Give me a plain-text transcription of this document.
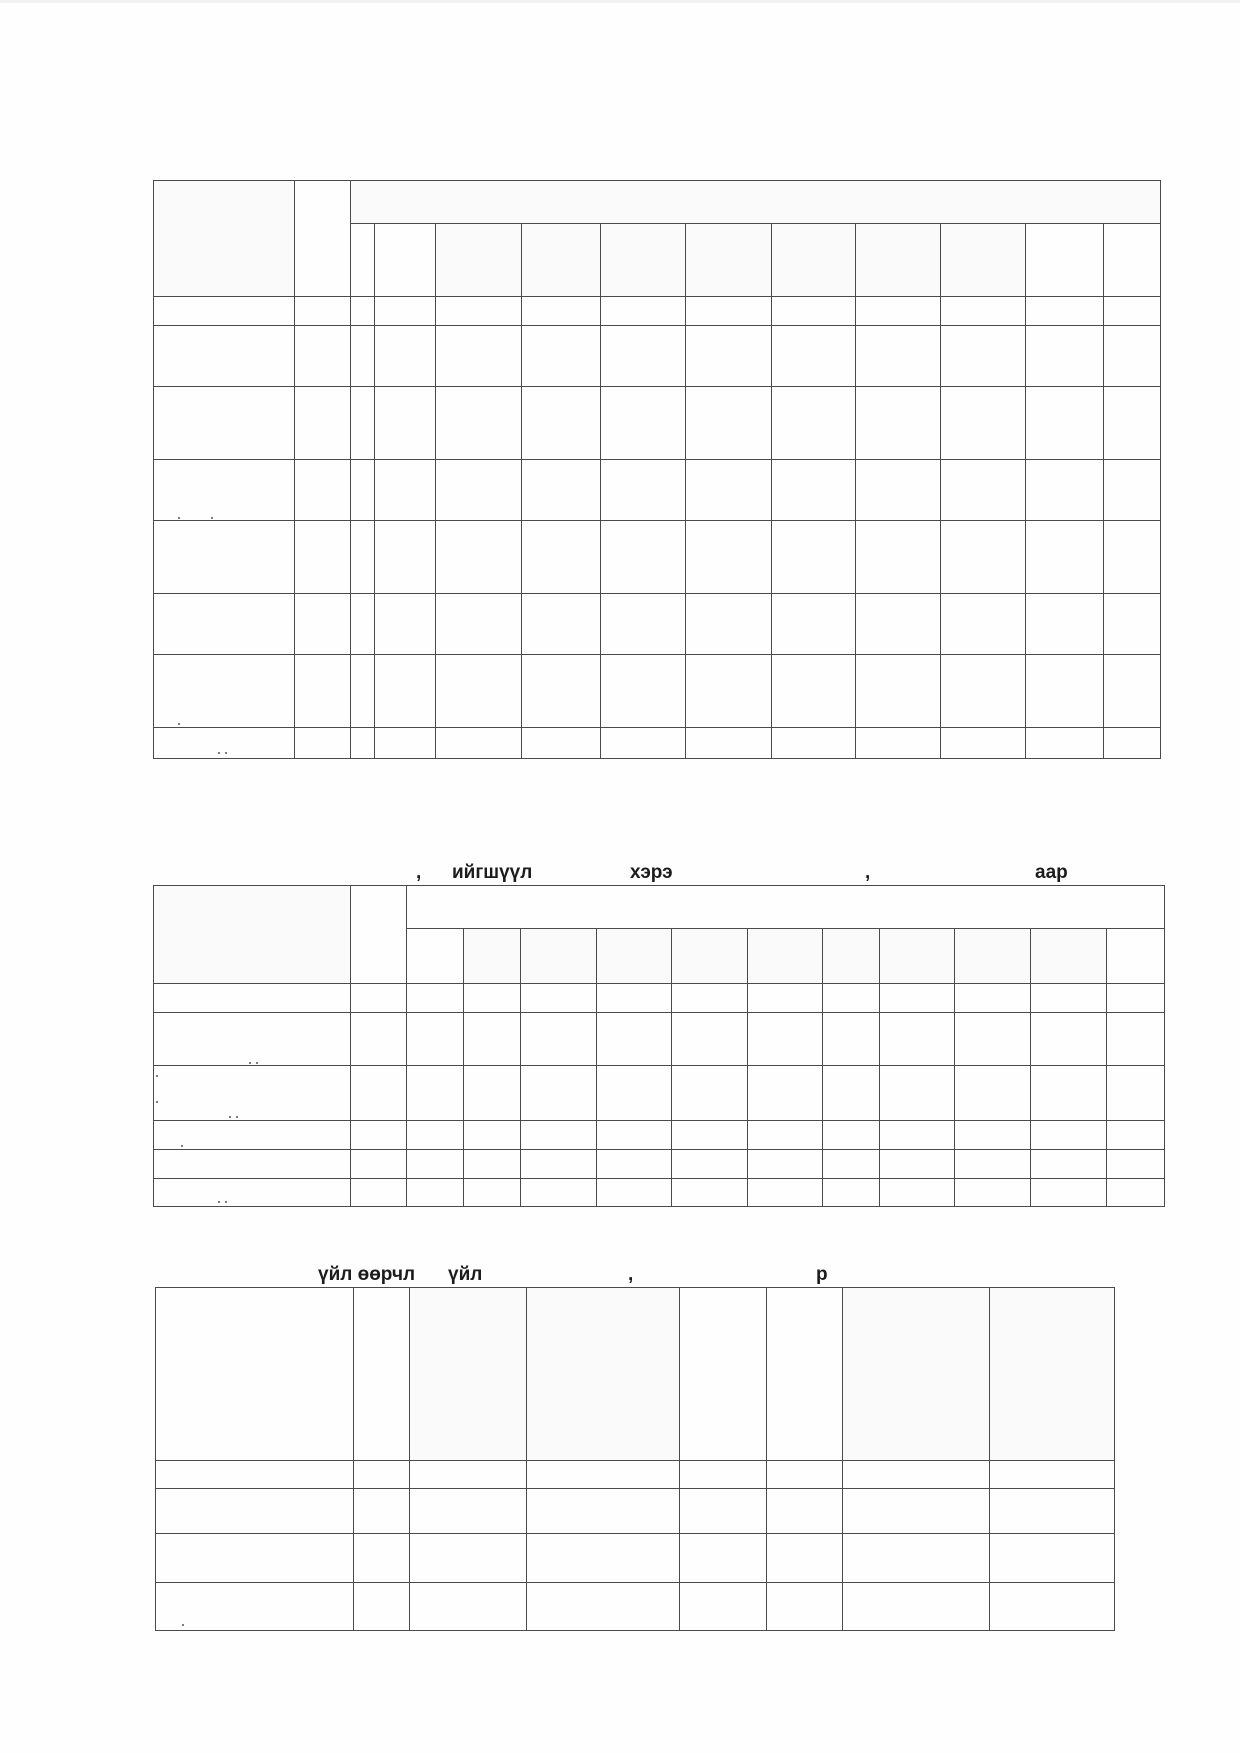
, ийгшүүл	хэрэ	,	аар

үйл өөрчл үйл	,	р
